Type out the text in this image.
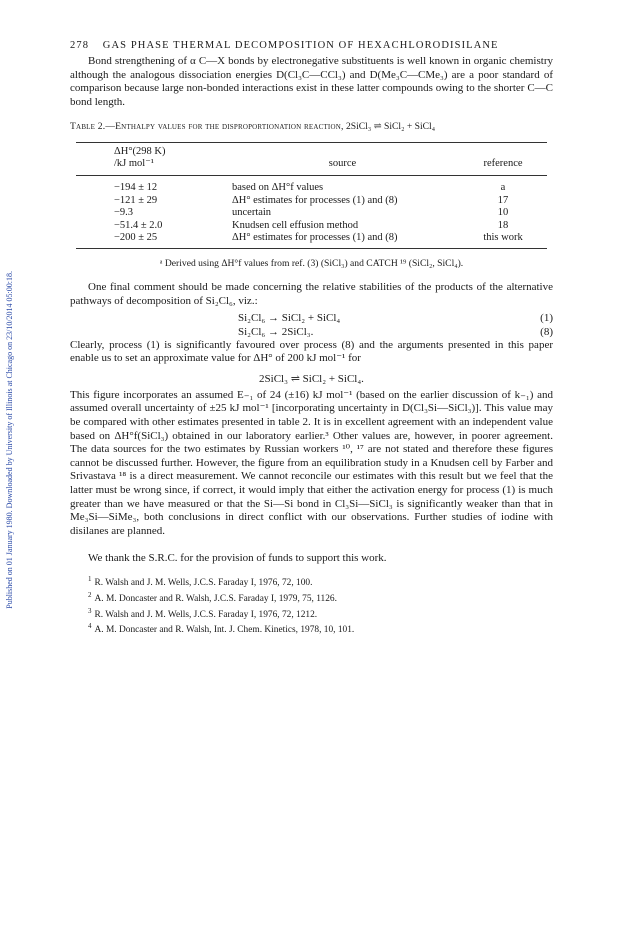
Published on 01 January 1980. Downloaded by University of Illinois at Chicago on 23/10/2014 05:00:18.
278 GAS PHASE THERMAL DECOMPOSITION OF HEXACHLORODISILANE

Bond strengthening of α C—X bonds by electronegative substituents is well known in organic chemistry although the analogous dissociation energies D(Cl₃C—CCl₃) and D(Me₃C—CMe₃) are a poor standard of comparison because large non-bonded interactions exist in these latter compounds owing to the shorter C—C bond length.

Table 2.—Enthalpy values for the disproportionation reaction, 2SiCl₃ ⇌ SiCl₂ + SiCl₄
ΔH°(298 K)
/kJ mol⁻¹	source	reference

−194 ± 12	based on ΔH°f values	a
−121 ± 29	ΔH° estimates for processes (1) and (8)	17
−9.3	uncertain	10
−51.4 ± 2.0	Knudsen cell effusion method	18
−200 ± 25	ΔH° estimates for processes (1) and (8)	this work
ᵃ Derived using ΔH°f values from ref. (3) (SiCl₃) and CATCH ¹⁹ (SiCl₂, SiCl₄).

One final comment should be made concerning the relative stabilities of the products of the alternative pathways of decomposition of Si₂Cl₆, viz.:

Si₂Cl₆ → SiCl₂ + SiCl₄	(1)
Si₂Cl₆ → 2SiCl₃.	(8)

Clearly, process (1) is significantly favoured over process (8) and the arguments presented in this paper enable us to set an approximate value for ΔH° of 200 kJ mol⁻¹ for

2SiCl₃ ⇌ SiCl₂ + SiCl₄.

This figure incorporates an assumed E₋₁ of 24 (±16) kJ mol⁻¹ (based on the earlier discussion of k₋₁) and assumed overall uncertainty of ±25 kJ mol⁻¹ [incorporating uncertainty in D(Cl₃Si—SiCl₃)]. This value may be compared with other estimates presented in table 2. It is in excellent agreement with an independent value based on ΔH°f(SiCl₃) obtained in our laboratory earlier.³ Other values are, however, in poorer agreement. The data sources for the two estimates by Russian workers ¹⁰, ¹⁷ are not stated and therefore these figures cannot be discussed further. However, the figure from an equilibration study in a Knudsen cell by Farber and Srivastava ¹⁸ is a direct measurement. We cannot reconcile our estimates with this result but we feel that the latter must be wrong since, if correct, it would imply that either the activation energy for process (1) is much greater than we have measured or that the Si—Si bond in Cl₃Si—SiCl₃ is significantly weaker than that in Me₃Si—SiMe₃, both conclusions in direct conflict with our observations. Further studies of iodine with disilanes are planned.

We thank the S.R.C. for the provision of funds to support this work.
$^1$ R. Walsh and J. M. Wells, J.C.S. Faraday I, 1976, 72, 100.
$^2$ A. M. Doncaster and R. Walsh, J.C.S. Faraday I, 1979, 75, 1126.
$^3$ R. Walsh and J. M. Wells, J.C.S. Faraday I, 1976, 72, 1212.
$^4$ A. M. Doncaster and R. Walsh, Int. J. Chem. Kinetics, 1978, 10, 101.
